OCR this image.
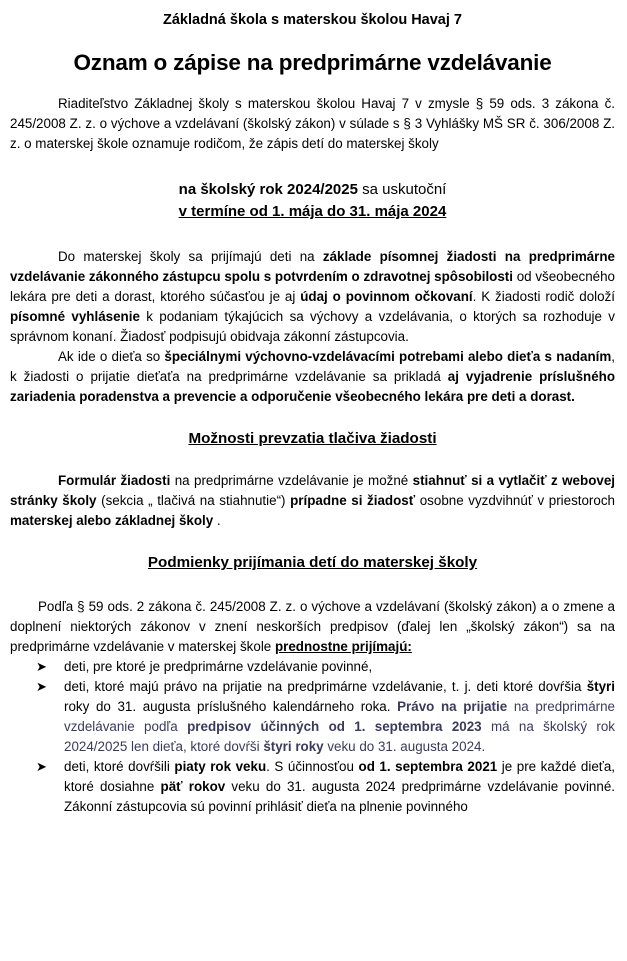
Základná škola s materskou školou Havaj 7
Oznam o zápise na predprimárne vzdelávanie

Riaditeľstvo Základnej školy s materskou školou Havaj 7 v zmysle § 59 ods. 3 zákona č. 245/2008 Z. z. o výchove a vzdelávaní (školský zákon) v súlade s § 3 Vyhlášky MŠ SR č. 306/2008 Z. z. o materskej škole oznamuje rodičom, že zápis detí do materskej školy

na školský rok 2024/2025 sa uskutoční

v termíne od 1. mája do 31. mája 2024

Do materskej školy sa prijímajú deti na základe písomnej žiadosti na predprimárne vzdelávanie zákonného zástupcu spolu s potvrdením o zdravotnej spôsobilosti od všeobecného lekára pre deti a dorast, ktorého súčasťou je aj údaj o povinnom očkovaní. K žiadosti rodič doloží písomné vyhlásenie k podaniam týkajúcich sa výchovy a vzdelávania, o ktorých sa rozhoduje v správnom konaní. Žiadosť podpisujú obidvaja zákonní zástupcovia.

Ak ide o dieťa so špeciálnymi výchovno-vzdelávacími potrebami alebo dieťa s nadaním, k žiadosti o prijatie dieťaťa na predprimárne vzdelávanie sa prikladá aj vyjadrenie príslušného zariadenia poradenstva a prevencie a odporučenie všeobecného lekára pre deti a dorast.

Možnosti prevzatia tlačiva žiadosti

Formulár žiadosti na predprimárne vzdelávanie je možné stiahnuť si a vytlačiť z webovej stránky školy (sekcia „ tlačivá na stiahnutie“) prípadne si žiadosť osobne vyzdvihnúť v priestoroch materskej alebo základnej školy .

Podmienky prijímania detí do materskej školy

Podľa § 59 ods. 2 zákona č. 245/2008 Z. z. o výchove a vzdelávaní (školský zákon) a o zmene a doplnení niektorých zákonov v znení neskorších predpisov (ďalej len „školský zákon“) sa na predprimárne vzdelávanie v materskej škole prednostne prijímajú:

➤ deti, pre ktoré je predprimárne vzdelávanie povinné,
➤ deti, ktoré majú právo na prijatie na predprimárne vzdelávanie, t. j. deti ktoré dovŕšia štyri roky do 31. augusta príslušného kalendárneho roka. Právo na prijatie na predprimárne vzdelávanie podľa predpisov účinných od 1. septembra 2023 má na školský rok 2024/2025 len dieťa, ktoré dovŕši štyri roky veku do 31. augusta 2024.
➤ deti, ktoré dovŕšili piaty rok veku. S účinnosťou od 1. septembra 2021 je pre každé dieťa, ktoré dosiahne päť rokov veku do 31. augusta 2024 predprimárne vzdelávanie povinné. Zákonní zástupcovia sú povinní prihlásiť dieťa na plnenie povinného
